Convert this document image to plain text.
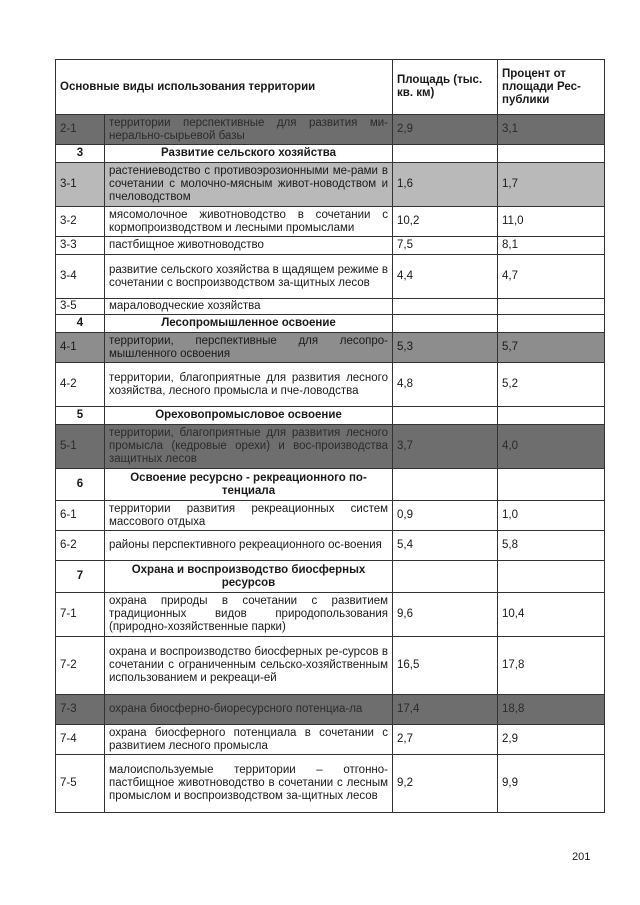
Основные виды использования территории		Площадь (тыс. кв. км)	Процент от площади Рес-публики
2-1	территории перспективные для развития ми-нерально-сырьевой базы	2,9	3,1
3	Развитие сельского хозяйства		
3-1	растениеводство с противоэрозионными ме-рами в сочетании с молочно-мясным живот-новодством и пчеловодством	1,6	1,7
3-2	мясомолочное животноводство в сочетании с кормопроизводством и лесными промыслами	10,2	11,0
3-3	пастбищное животноводство	7,5	8,1
3-4	развитие сельского хозяйства в щадящем режиме в сочетании с воспроизводством за-щитных лесов	4,4	4,7
3-5	мараловодческие хозяйства		
4	Лесопромышленное освоение		
4-1	территории, перспективные для лесопро-мышленного освоения	5,3	5,7
4-2	территории, благоприятные для развития лесного хозяйства, лесного промысла и пче-ловодства	4,8	5,2
5	Ореховопромысловое освоение		
5-1	территории, благоприятные для развития лесного промысла (кедровые орехи) и вос-производства защитных лесов	3,7	4,0
6	Освоение ресурсно - рекреационного по-тенциала		
6-1	территории развития рекреационных систем массового отдыха	0,9	1,0
6-2	районы перспективного рекреационного ос-воения	5,4	5,8
7	Охрана и воспроизводство биосферных ресурсов		
7-1	охрана природы в сочетании с развитием традиционных видов природопользования (природно-хозяйственные парки)	9,6	10,4
7-2	охрана и воспроизводство биосферных ре-сурсов в сочетании с ограниченным сельско-хозяйственным использованием и рекреаци-ей	16,5	17,8
7-3	охрана биосферно-биоресурсного потенциа-ла	17,4	18,8
7-4	охрана биосферного потенциала в сочетании с развитием лесного промысла	2,7	2,9
7-5	малоиспользуемые территории – отгонно-пастбищное животноводство в сочетании с лесным промыслом и воспроизводством за-щитных лесов	9,2	9,9
201
